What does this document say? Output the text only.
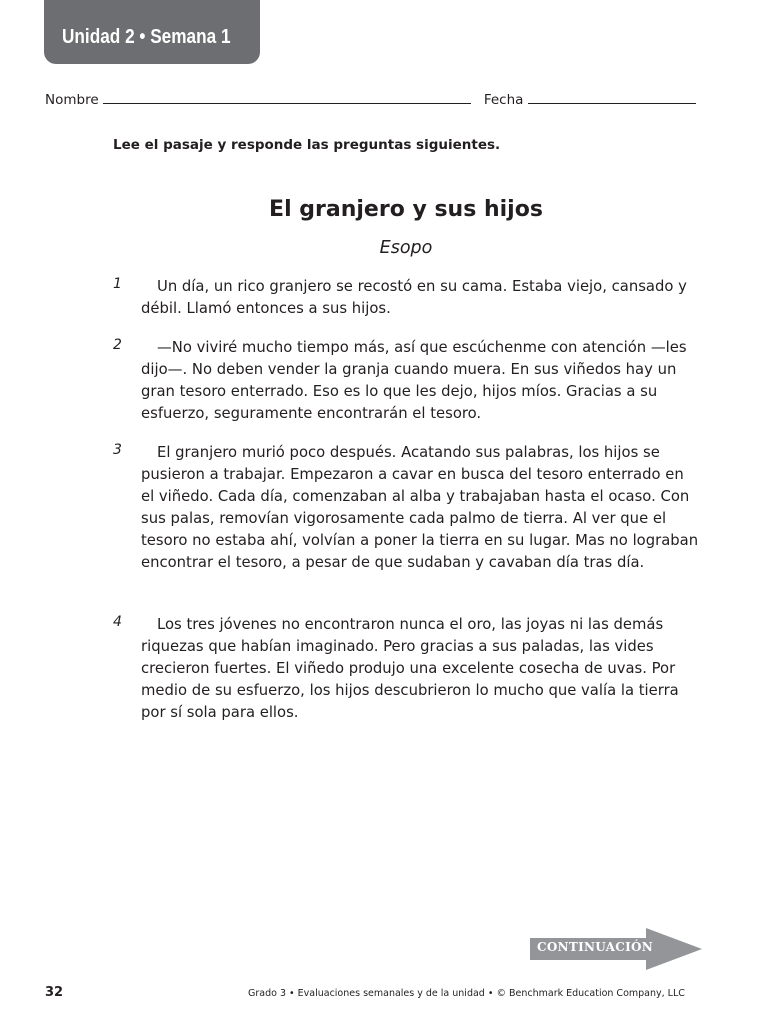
Unidad 2 • Semana 1
Nombre	Fecha
Lee el pasaje y responde las preguntas siguientes.
El granjero y sus hijos
Esopo
1	Un día, un rico granjero se recostó en su cama. Estaba viejo, cansado y débil. Llamó entonces a sus hijos.

2	—No viviré mucho tiempo más, así que escúchenme con atención —les dijo—. No deben vender la granja cuando muera. En sus viñedos hay un gran tesoro enterrado. Eso es lo que les dejo, hijos míos. Gracias a su esfuerzo, seguramente encontrarán el tesoro.

3	El granjero murió poco después. Acatando sus palabras, los hijos se pusieron a trabajar. Empezaron a cavar en busca del tesoro enterrado en el viñedo. Cada día, comenzaban al alba y trabajaban hasta el ocaso. Con sus palas, removían vigorosamente cada palmo de tierra. Al ver que el tesoro no estaba ahí, volvían a poner la tierra en su lugar. Mas no lograban encontrar el tesoro, a pesar de que sudaban y cavaban día tras día.

4	Los tres jóvenes no encontraron nunca el oro, las joyas ni las demás riquezas que habían imaginado. Pero gracias a sus paladas, las vides crecieron fuertes. El viñedo produjo una excelente cosecha de uvas. Por medio de su esfuerzo, los hijos descubrieron lo mucho que valía la tierra por sí sola para ellos.

CONTINUACIÓN
32	Grado 3 • Evaluaciones semanales y de la unidad • © Benchmark Education Company, LLC
